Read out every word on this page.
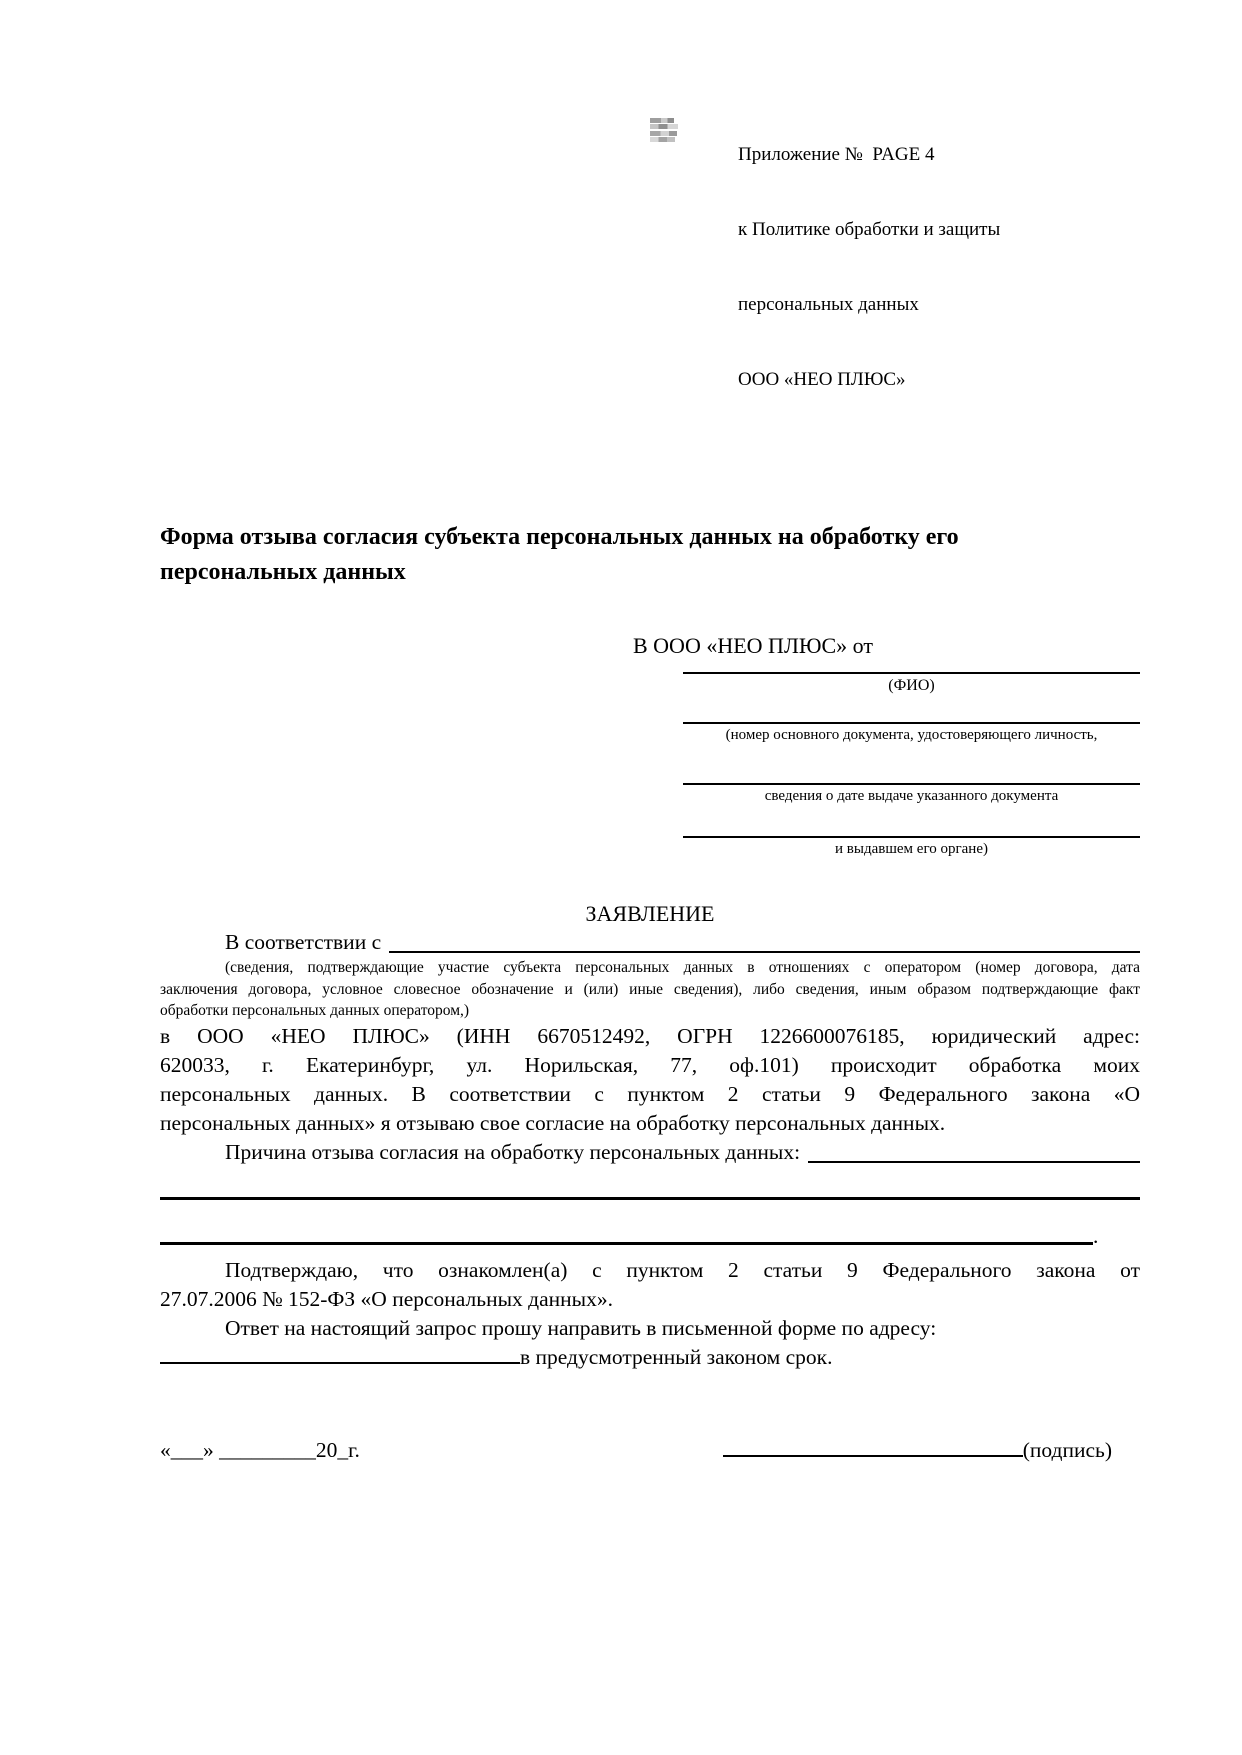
Приложение №  PAGE 4

к Политике обработки и защиты

персональных данных

ООО «НЕО ПЛЮС»

Форма отзыва согласия субъекта персональных данных на обработку его
персональных данных
В ООО «НЕО ПЛЮС» от
(ФИО)
(номер основного документа, удостоверяющего личность,
сведения о дате выдаче указанного документа
и выдавшем его органе)
ЗАЯВЛЕНИЕ
В соответствии с
(сведения, подтверждающие участие субъекта персональных данных в отношениях с оператором (номер договора, дата
заключения договора, условное словесное обозначение и (или) иные сведения), либо сведения, иным образом подтверждающие факт
обработки персональных данных оператором,)
в ООО «НЕО ПЛЮС» (ИНН 6670512492, ОГРН 1226600076185, юридический адрес:
620033, г. Екатеринбург, ул. Норильская, 77, оф.101) происходит обработка моих
персональных данных. В соответствии с пунктом 2 статьи 9 Федерального закона «О
персональных данных» я отзываю свое согласие на обработку персональных данных.
Причина отзыва согласия на обработку персональных данных:
.
Подтверждаю, что ознакомлен(а) с пунктом 2 статьи 9 Федерального закона от
27.07.2006 № 152-ФЗ «О персональных данных».
Ответ на настоящий запрос прошу направить в письменной форме по адресу:
в предусмотренный законом срок.
«___» _________20_г.	(подпись)
